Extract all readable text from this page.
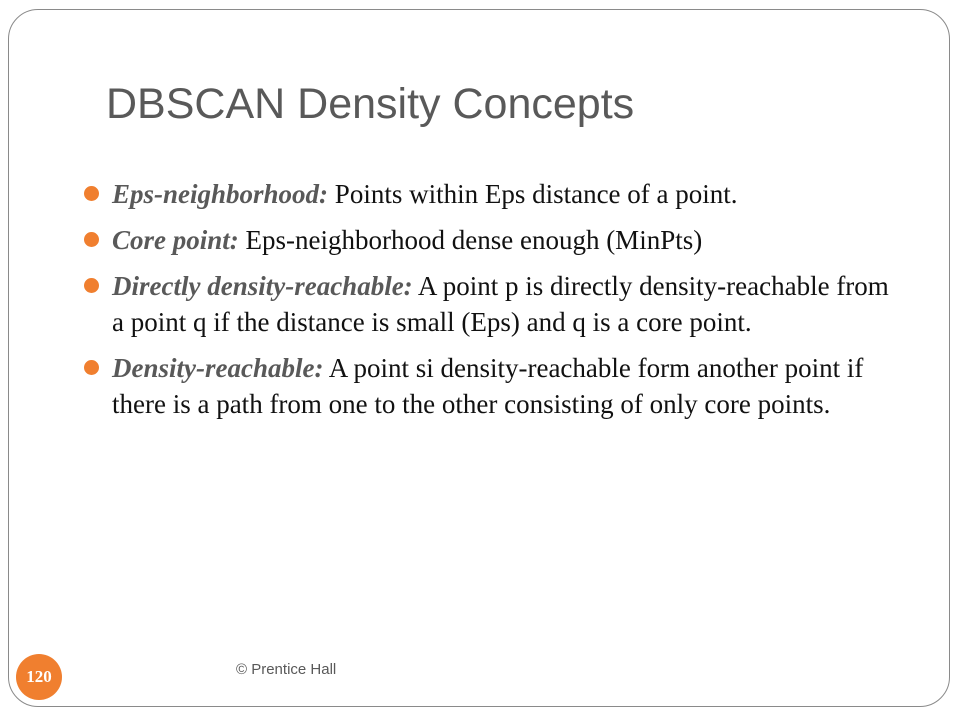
DBSCAN Density Concepts
Eps-neighborhood: Points within Eps distance of a point.
Core point: Eps-neighborhood dense enough (MinPts)
Directly density-reachable: A point p is directly density-reachable from a point q if the distance is small (Eps) and q is a core point.
Density-reachable: A point si density-reachable form another point if there is a path from one to the other consisting of only core points.
120	© Prentice Hall
